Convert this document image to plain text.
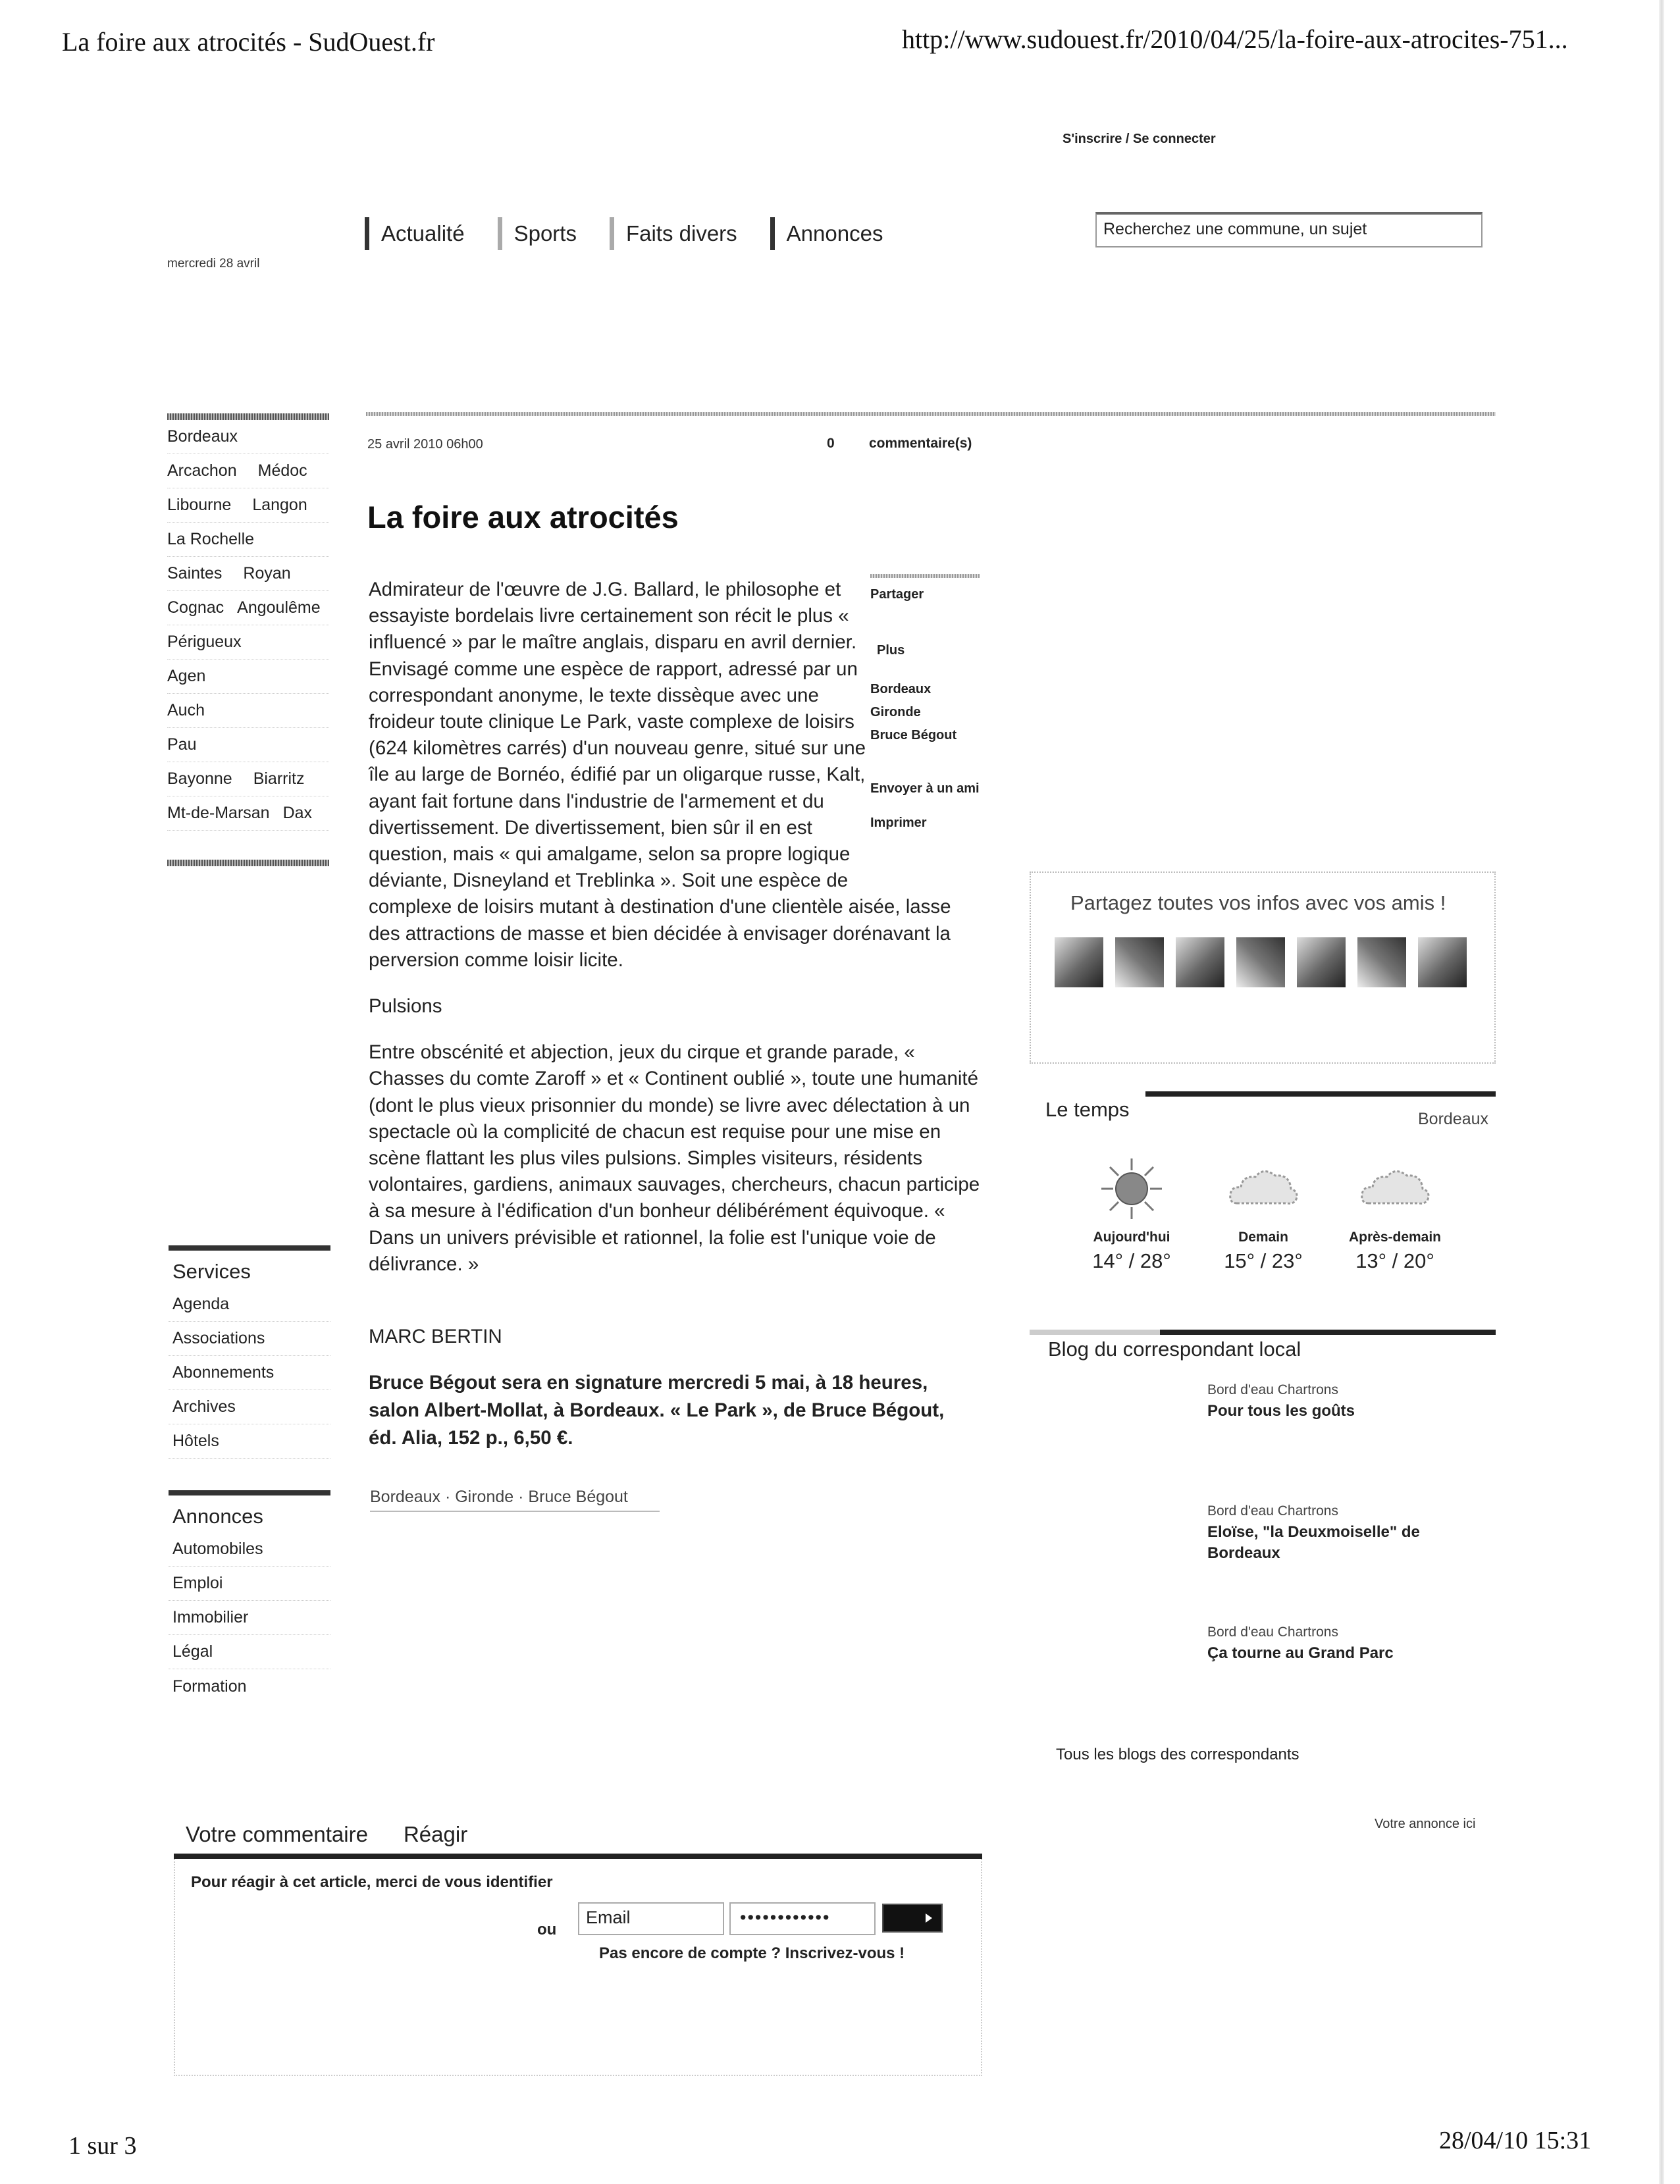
La foire aux atrocités - SudOuest.fr	http://www.sudouest.fr/2010/04/25/la-foire-aux-atrocites-751...
S'inscrire / Se connecter
mercredi 28 avril
Actualité Sports Faits divers Annonces	Recherchez une commune, un sujet
Bordeaux
Arcachon Médoc
Libourne Langon
La Rochelle
Saintes Royan
Cognac Angoulême
Périgueux
Agen
Auch
Pau
Bayonne Biarritz
Mt-de-Marsan Dax
Services
Agenda
Associations
Abonnements
Archives
Hôtels
Annonces
Automobiles
Emploi
Immobilier
Légal
Formation
25 avril 2010 06h00	0 commentaire(s)
La foire aux atrocités

Admirateur de l'œuvre de J.G. Ballard, le philosophe et essayiste bordelais livre certainement son récit le plus « influencé » par le maître anglais, disparu en avril dernier. Envisagé comme une espèce de rapport, adressé par un correspondant anonyme, le texte dissèque avec une froideur toute clinique Le Park, vaste complexe de loisirs (624 kilomètres carrés) d'un nouveau genre, situé sur une île au large de Bornéo, édifié par un oligarque russe, Kalt, ayant fait fortune dans l'industrie de l'armement et du divertissement. De divertissement, bien sûr il en est question, mais « qui amalgame, selon sa propre logique déviante, Disneyland et Treblinka ». Soit une espèce de

complexe de loisirs mutant à destination d'une clientèle aisée, lasse des attractions de masse et bien décidée à envisager dorénavant la perversion comme loisir licite.

Pulsions

Entre obscénité et abjection, jeux du cirque et grande parade, « Chasses du comte Zaroff » et « Continent oublié », toute une humanité (dont le plus vieux prisonnier du monde) se livre avec délectation à un spectacle où la complicité de chacun est requise pour une mise en scène flattant les plus viles pulsions. Simples visiteurs, résidents volontaires, gardiens, animaux sauvages, chercheurs, chacun participe à sa mesure à l'édification d'un bonheur délibérément équivoque. « Dans un univers prévisible et rationnel, la folie est l'unique voie de délivrance. »

Partager
Plus
Bordeaux
Gironde
Bruce Bégout
Envoyer à un ami
Imprimer
MARC BERTIN
Bruce Bégout sera en signature mercredi 5 mai, à 18 heures, salon Albert-Mollat, à Bordeaux. « Le Park », de Bruce Bégout, éd. Alia, 152 p., 6,50 €.
Bordeaux · Gironde · Bruce Bégout
Partagez toutes vos infos avec vos amis !
Le temps	Bordeaux
Aujourd'hui
14° / 28°
Demain
15° / 23°
Après-demain
13° / 20°
Blog du correspondant local
Bord d'eau Chartrons
Pour tous les goûts
Bord d'eau Chartrons
Eloïse, "la Deuxmoiselle" de Bordeaux
Bord d'eau Chartrons
Ça tourne au Grand Parc
Tous les blogs des correspondants
Votre annonce ici
Votre commentaire Réagir
Pour réagir à cet article, merci de vous identifier
ou
Email	••••••••••••
Pas encore de compte ? Inscrivez-vous !
1 sur 3	28/04/10 15:31
